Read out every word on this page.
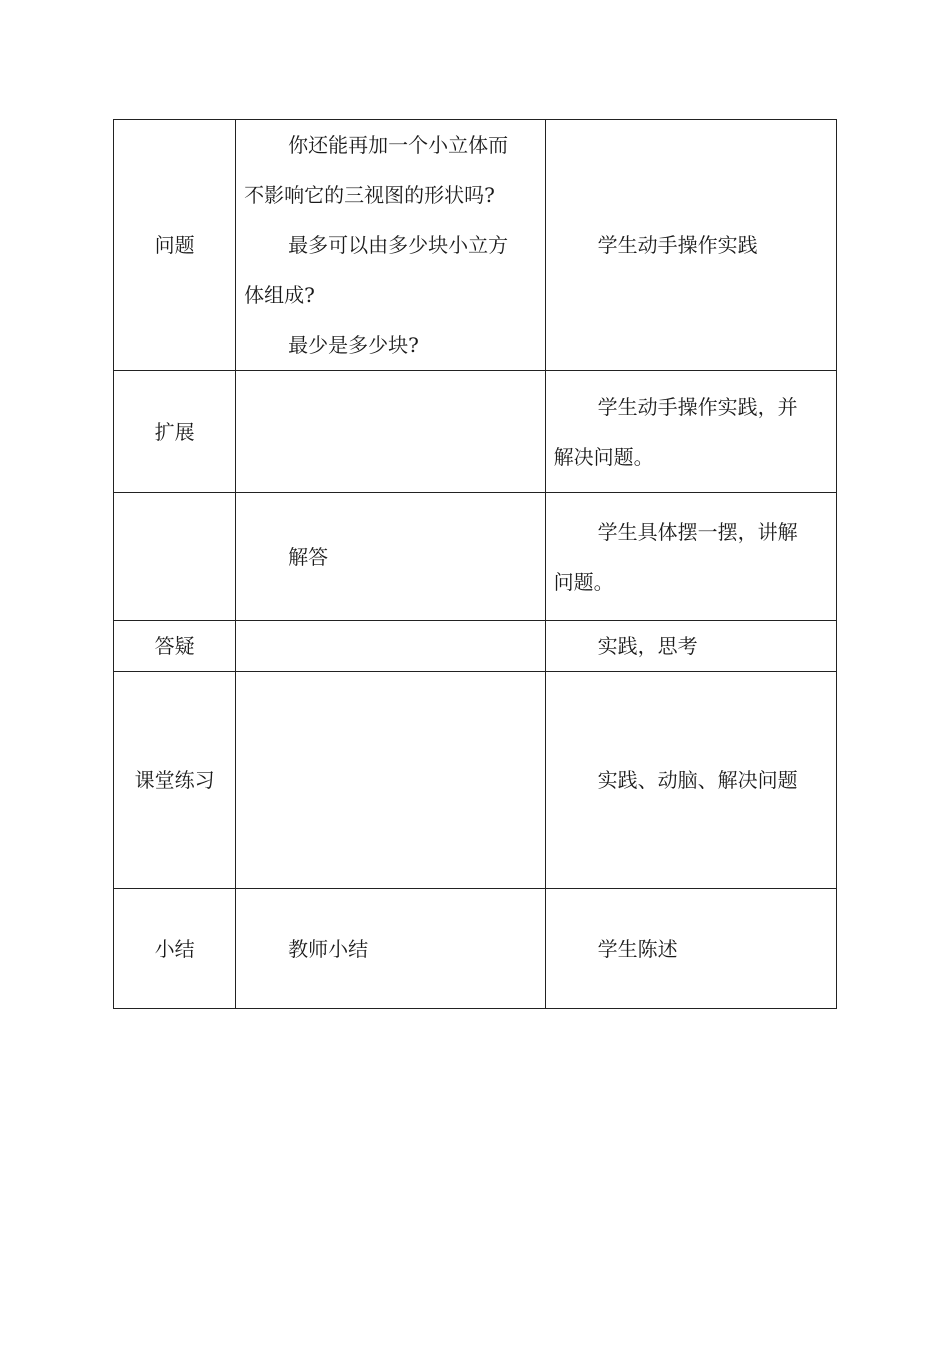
问题	你还能再加一个小立体而
不影响它的三视图的形状吗?
最多可以由多少块小立方
体组成?
最少是多少块?	学生动手操作实践

扩展		学生动手操作实践，并
解决问题。

	解答	学生具体摆一摆，讲解
问题。

答疑		实践，思考

课堂练习		实践、动脑、解决问题

小结	教师小结	学生陈述
